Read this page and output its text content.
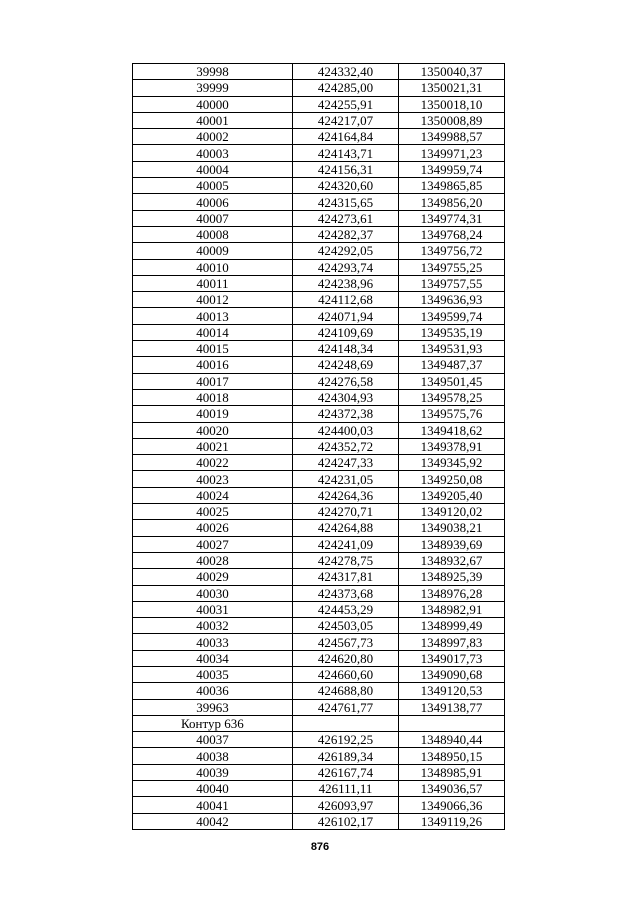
39998	424332,40	1350040,37
39999	424285,00	1350021,31
40000	424255,91	1350018,10
40001	424217,07	1350008,89
40002	424164,84	1349988,57
40003	424143,71	1349971,23
40004	424156,31	1349959,74
40005	424320,60	1349865,85
40006	424315,65	1349856,20
40007	424273,61	1349774,31
40008	424282,37	1349768,24
40009	424292,05	1349756,72
40010	424293,74	1349755,25
40011	424238,96	1349757,55
40012	424112,68	1349636,93
40013	424071,94	1349599,74
40014	424109,69	1349535,19
40015	424148,34	1349531,93
40016	424248,69	1349487,37
40017	424276,58	1349501,45
40018	424304,93	1349578,25
40019	424372,38	1349575,76
40020	424400,03	1349418,62
40021	424352,72	1349378,91
40022	424247,33	1349345,92
40023	424231,05	1349250,08
40024	424264,36	1349205,40
40025	424270,71	1349120,02
40026	424264,88	1349038,21
40027	424241,09	1348939,69
40028	424278,75	1348932,67
40029	424317,81	1348925,39
40030	424373,68	1348976,28
40031	424453,29	1348982,91
40032	424503,05	1348999,49
40033	424567,73	1348997,83
40034	424620,80	1349017,73
40035	424660,60	1349090,68
40036	424688,80	1349120,53
39963	424761,77	1349138,77
Контур 636		
40037	426192,25	1348940,44
40038	426189,34	1348950,15
40039	426167,74	1348985,91
40040	426111,11	1349036,57
40041	426093,97	1349066,36
40042	426102,17	1349119,26
876
